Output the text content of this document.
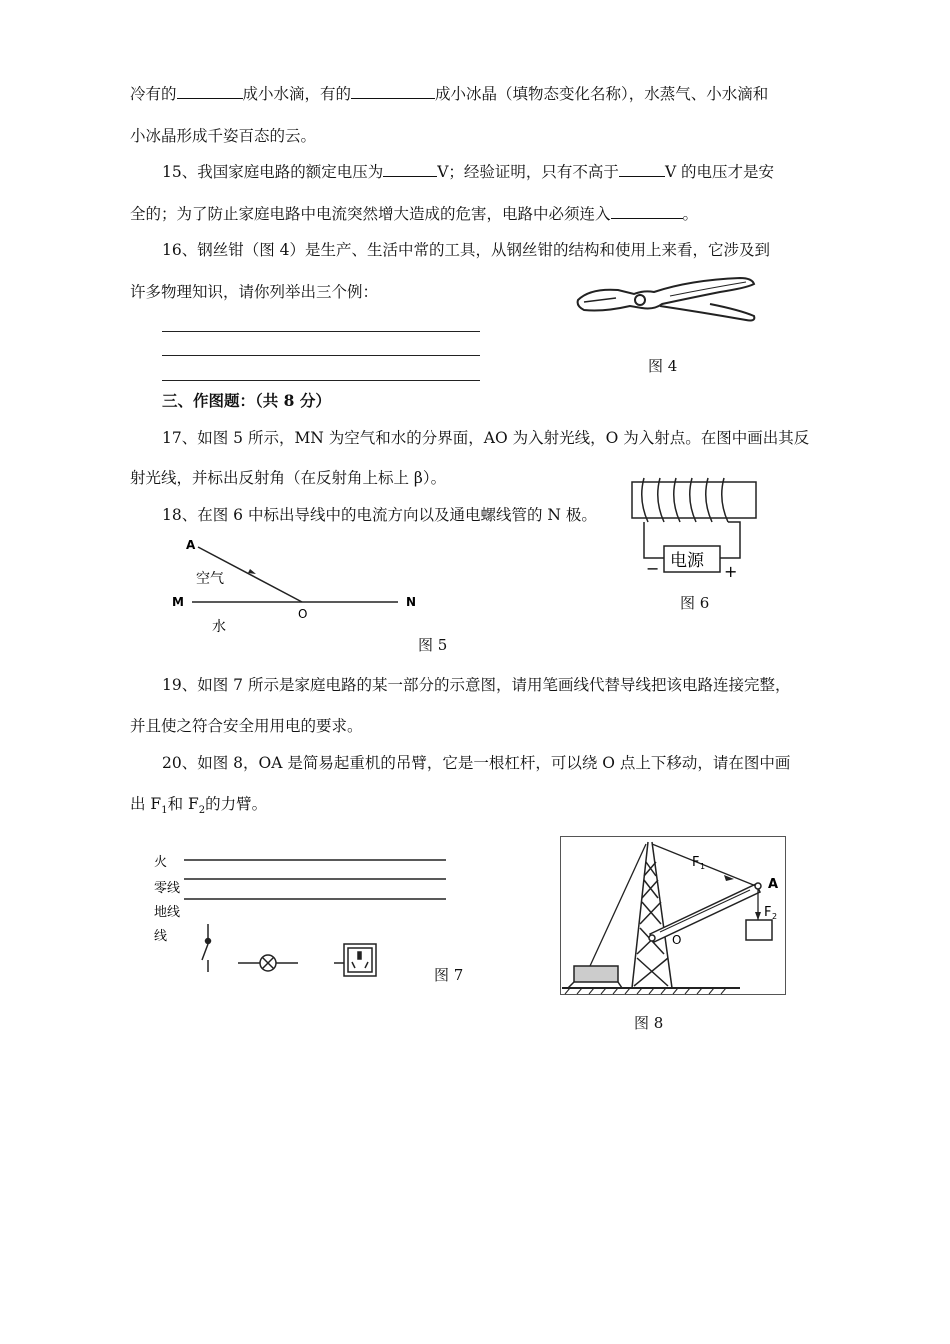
冷有的	成小水滴，有的	成小冰晶（填物态变化名称），水蒸气、小水滴和
小冰晶形成千姿百态的云。
15、我国家庭电路的额定电压为	V；经验证明，只有不高于	V 的电压才是安
全的；为了防止家庭电路中电流突然增大造成的危害，电路中必须连入	。
16、钢丝钳（图 4）是生产、生活中常的工具，从钢丝钳的结构和使用上来看，它涉及到
许多物理知识，请你列举出三个例：
图 4
三、作图题：（共 8 分）
17、如图 5 所示，MN 为空气和水的分界面，AO 为入射光线，O 为入射点。在图中画出其反
射光线，并标出反射角（在反射角上标上 β）。
18、在图 6 中标出导线中的电流方向以及通电螺线管的 N 极。
A
M	N
O
空气
水
图 5
电源
−	+
图 6
19、如图 7 所示是家庭电路的某一部分的示意图，请用笔画线代替导线把该电路连接完整，
并且使之符合安全用用电的要求。
20、如图 8，OA 是简易起重机的吊臂，它是一根杠杆，可以绕 O 点上下移动，请在图中画
出 $F_1$和 $F_2$的力臂。
火
零线
地线
线
图 7
F 1
A
F 2
O
图 8
